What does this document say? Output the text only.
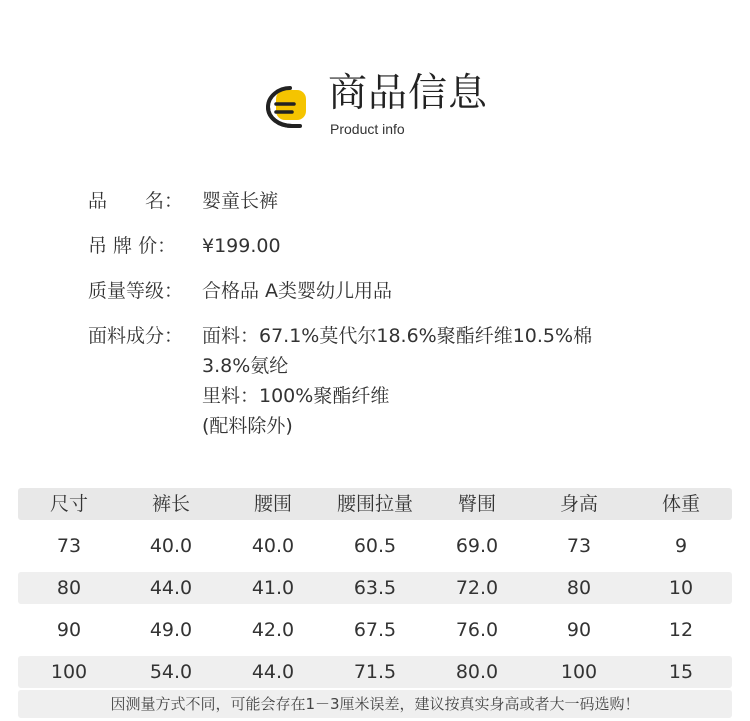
商品信息
Product info
品　　名： 婴童长裤
吊 牌 价：	¥199.00
质量等级： 合格品 A类婴幼儿用品
面料成分： 面料：67.1%莫代尔18.6%聚酯纤维10.5%棉
3.8%氨纶
里料：100%聚酯纤维
(配料除外)
尺寸	裤长	腰围	腰围拉量	臀围	身高	体重
73	40.0	40.0	60.5	69.0	73	9
80	44.0	41.0	63.5	72.0	80	10
90	49.0	42.0	67.5	76.0	90	12
100	54.0	44.0	71.5	80.0	100	15
因测量方式不同，可能会存在1－3厘米误差，建议按真实身高或者大一码选购！
